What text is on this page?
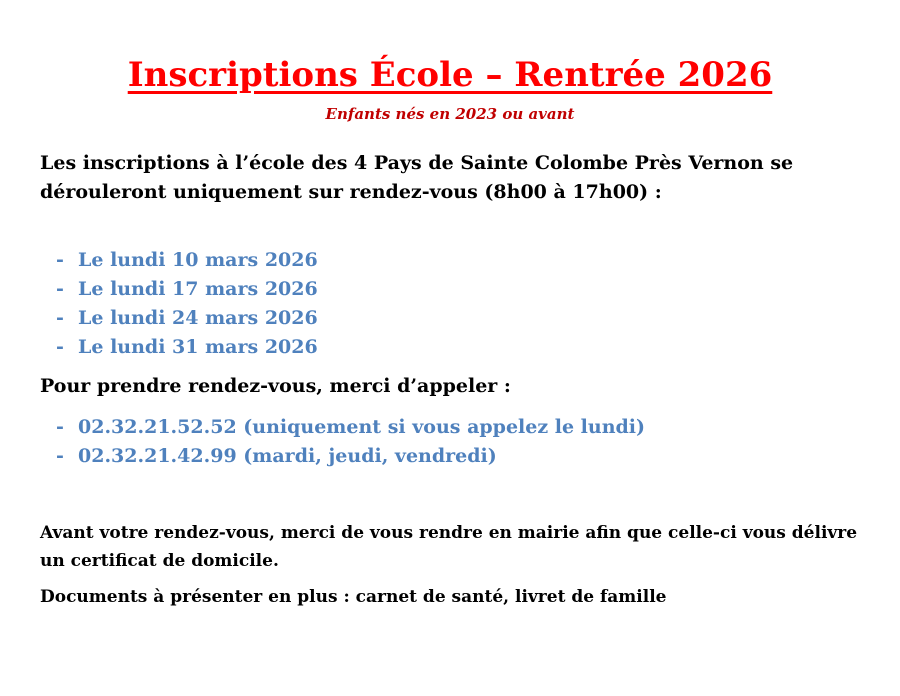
Inscriptions École – Rentrée 2026
Enfants nés en 2023 ou avant
Les inscriptions à l’école des 4 Pays de Sainte Colombe Près Vernon se dérouleront uniquement sur rendez-vous (8h00 à 17h00) :
- Le lundi 10 mars 2026
- Le lundi 17 mars 2026
- Le lundi 24 mars 2026
- Le lundi 31 mars 2026
Pour prendre rendez-vous, merci d’appeler :
- 02.32.21.52.52 (uniquement si vous appelez le lundi)
- 02.32.21.42.99 (mardi, jeudi, vendredi)
Avant votre rendez-vous, merci de vous rendre en mairie afin que celle-ci vous délivre un certificat de domicile.
Documents à présenter en plus : carnet de santé, livret de famille
